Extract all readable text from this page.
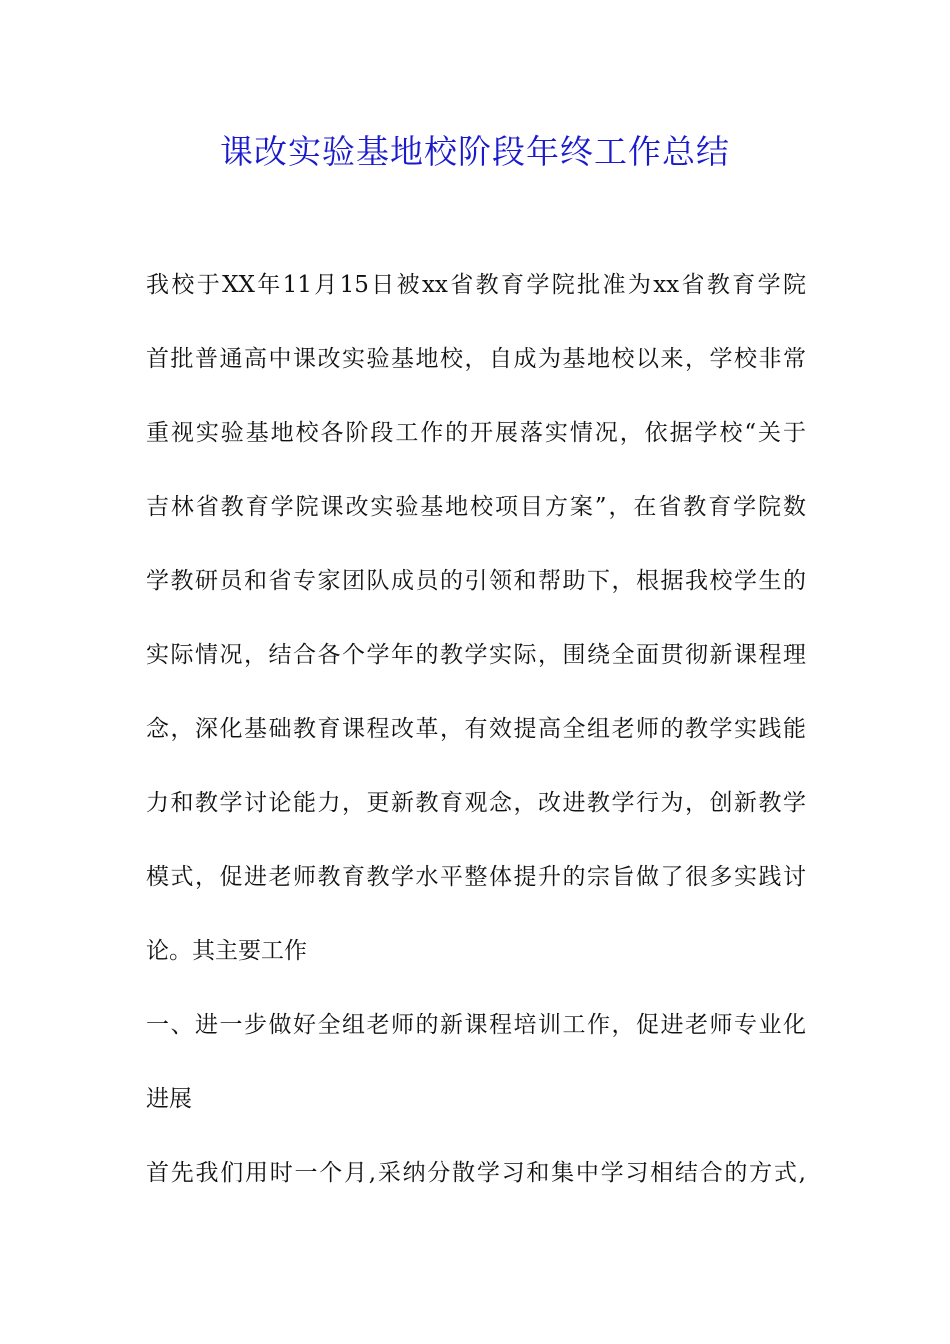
课改实验基地校阶段年终工作总结
我校于XX年11月15日被xx省教育学院批准为xx省教育学院
首批普通高中课改实验基地校，自成为基地校以来，学校非常
重视实验基地校各阶段工作的开展落实情况，依据学校“关于
吉林省教育学院课改实验基地校项目方案”，在省教育学院数
学教研员和省专家团队成员的引领和帮助下，根据我校学生的
实际情况，结合各个学年的教学实际，围绕全面贯彻新课程理
念，深化基础教育课程改革，有效提高全组老师的教学实践能
力和教学讨论能力，更新教育观念，改进教学行为，创新教学
模式，促进老师教育教学水平整体提升的宗旨做了很多实践讨
论。其主要工作
一、进一步做好全组老师的新课程培训工作，促进老师专业化
进展
首先我们用时一个月,采纳分散学习和集中学习相结合的方式,
